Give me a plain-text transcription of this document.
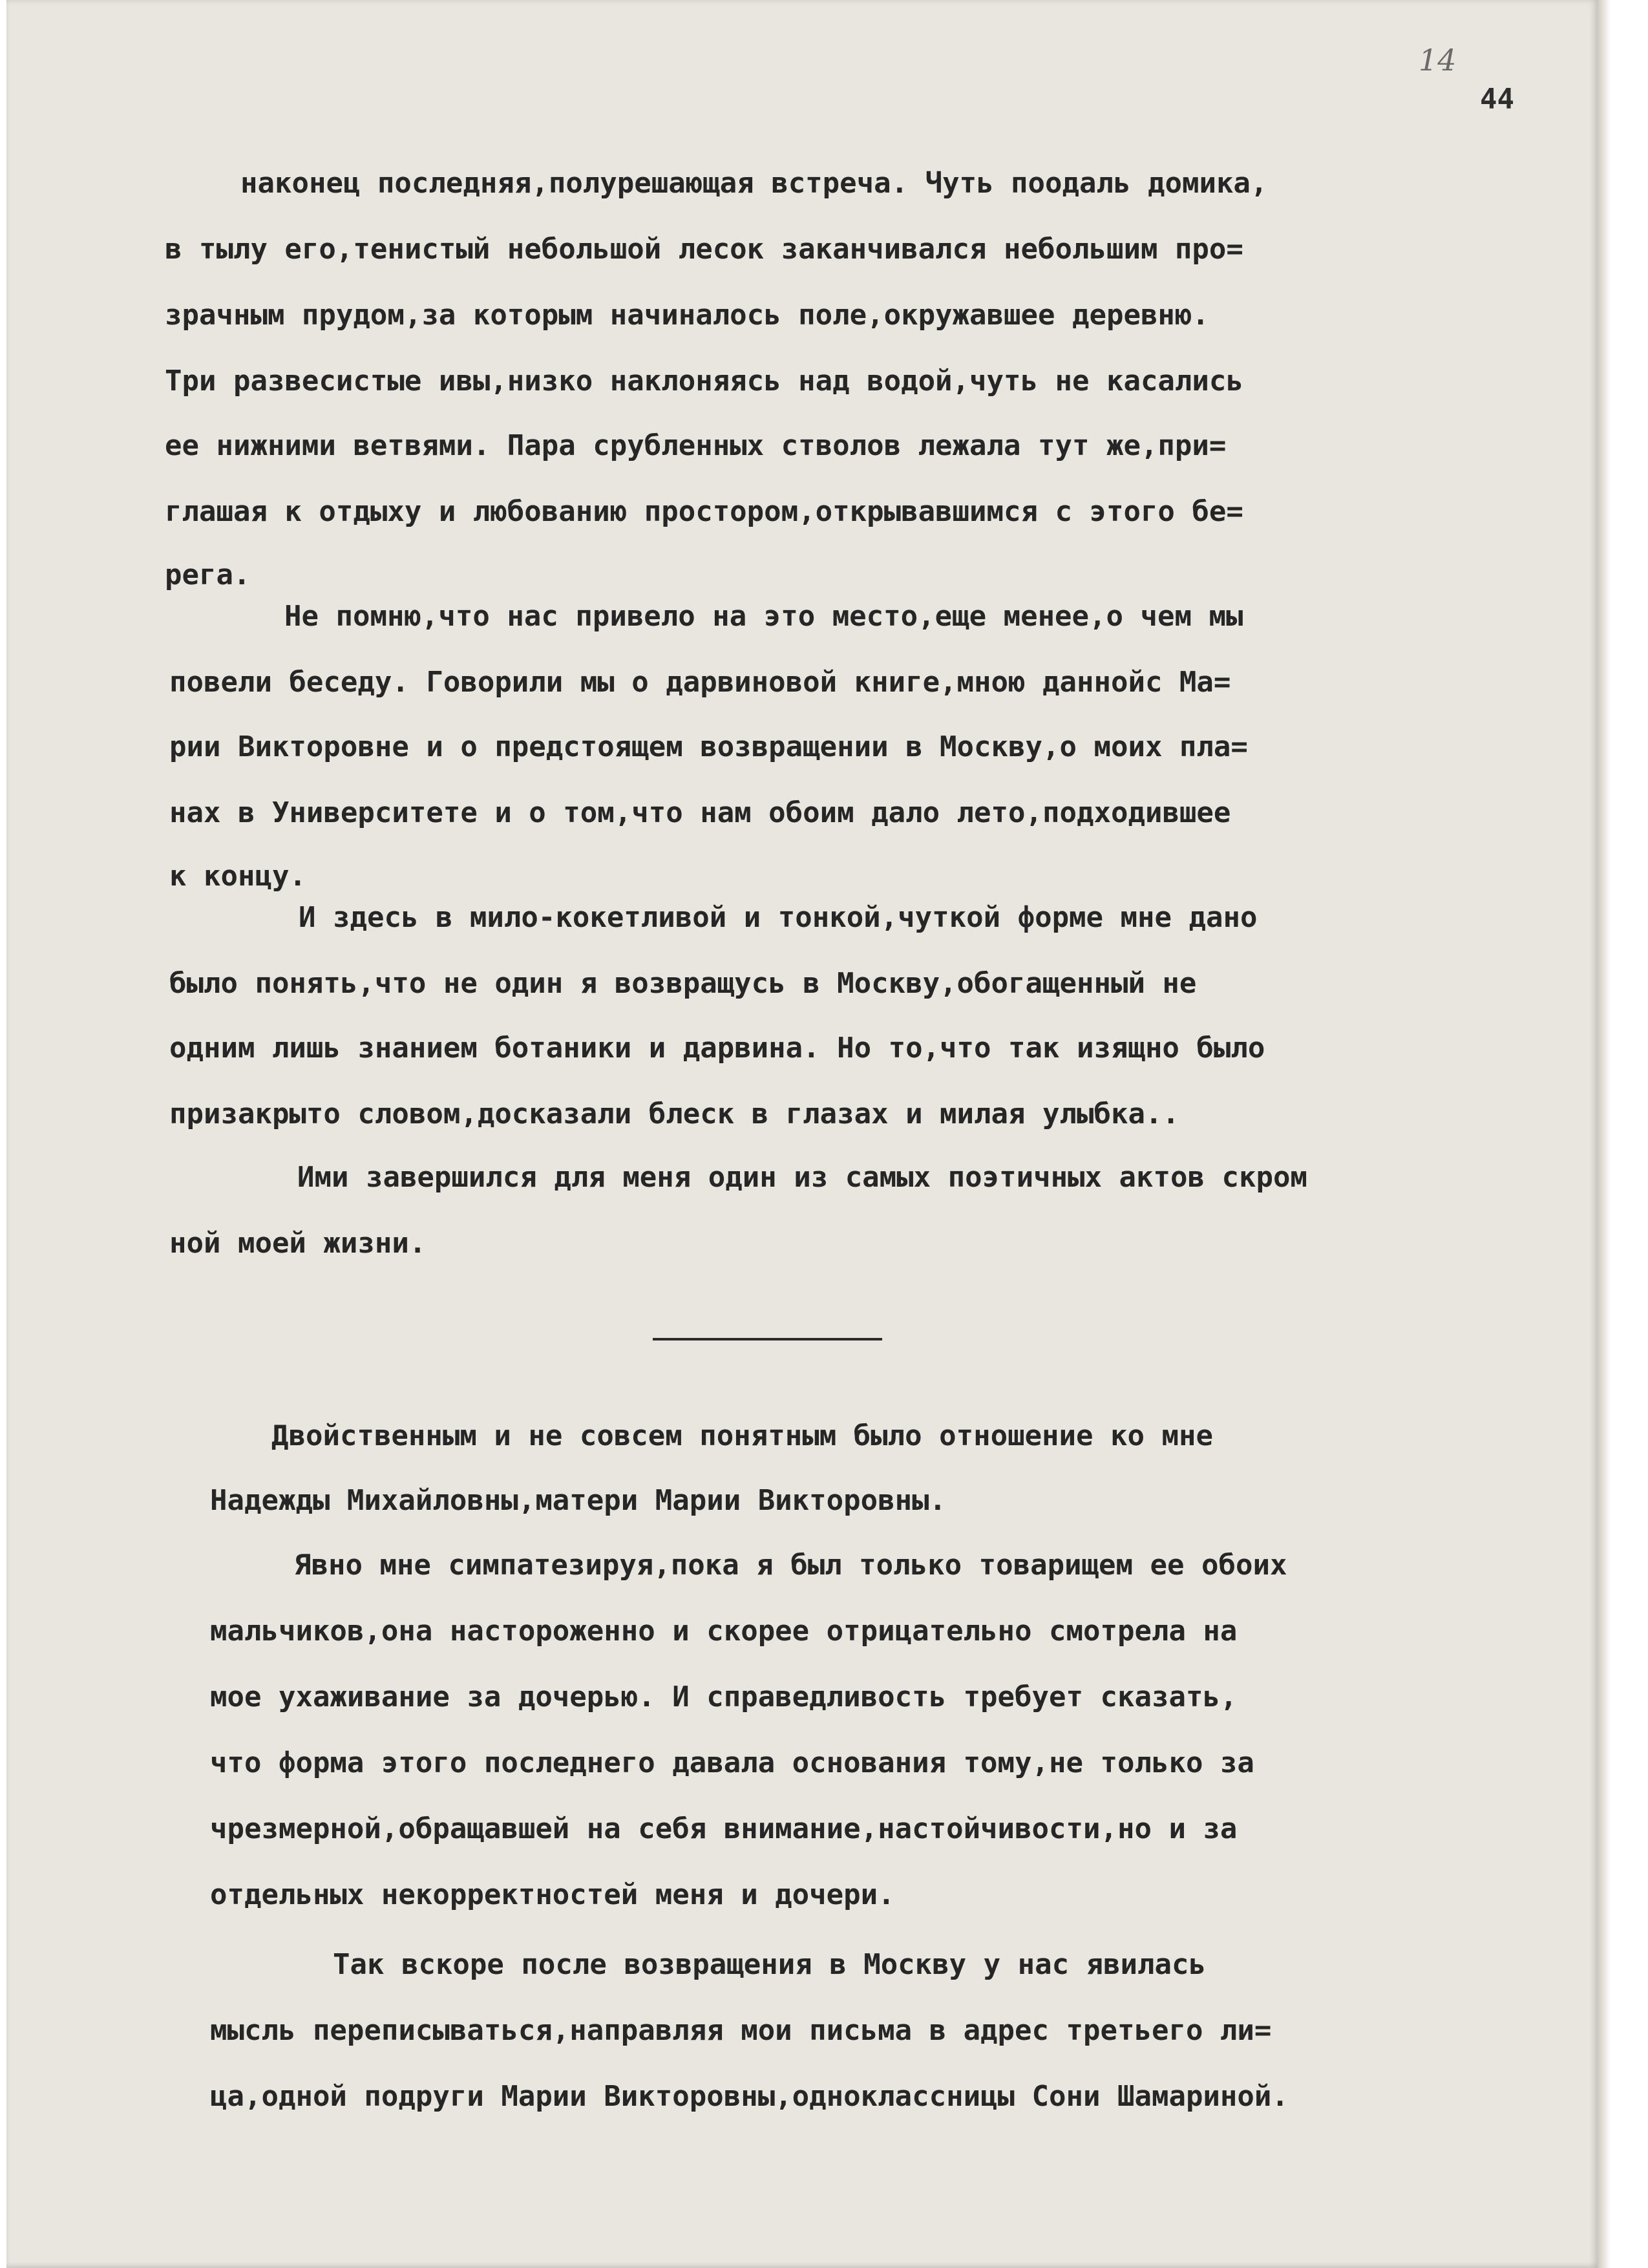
14
44
наконец последняя,полурешающая встреча. Чуть поодаль домика,
в тылу его,тенистый небольшой лесок заканчивался небольшим про=
зрачным прудом,за которым начиналось поле,окружавшее деревню.
Три развесистые ивы,низко наклоняясь над водой,чуть не касались
ее нижними ветвями. Пара срубленных стволов лежала тут же,при=
глашая к отдыху и любованию простором,открывавшимся с этого бе=
рега.
Не помню,что нас привело на это место,еще менее,о чем мы
повели беседу. Говорили мы о дарвиновой книге,мною даннойс Ма=
рии Викторовне и о предстоящем возвращении в Москву,о моих пла=
нах в Университете и о том,что нам обоим дало лето,подходившее
к концу.
И здесь в мило-кокетливой и тонкой,чуткой форме мне дано
было понять,что не один я возвращусь в Москву,обогащенный не
одним лишь знанием ботаники и дарвина. Но то,что так изящно было
призакрыто словом,досказали блеск в глазах и милая улыбка..
Ими завершился для меня один из самых поэтичных актов скром
ной моей жизни.
Двойственным и не совсем понятным было отношение ко мне
Надежды Михайловны,матери Марии Викторовны.
Явно мне симпатезируя,пока я был только товарищем ее обоих
мальчиков,она настороженно и скорее отрицательно смотрела на
мое ухаживание за дочерью. И справедливость требует сказать,
что форма этого последнего давала основания тому,не только за
чрезмерной,обращавшей на себя внимание,настойчивости,но и за
отдельных некорректностей меня и дочери.
Так вскоре после возвращения в Москву у нас явилась
мысль переписываться,направляя мои письма в адрес третьего ли=
ца,одной подруги Марии Викторовны,одноклассницы Сони Шамариной.
